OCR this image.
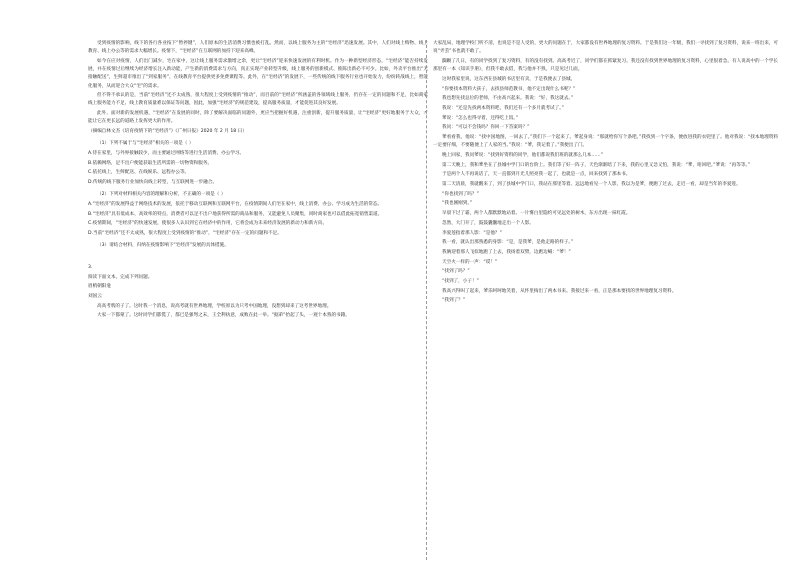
受到疫情的影响，线下的各行各业按下“暂停键”，人们原本的生活消费习惯也被打乱。然而，以线上服务为主的“宅经济”迅速发展。其中，人们对线上购物、线上教育、线上办公等的需求大幅增长。疫情下，“宅经济”在互联网的加持下迎来高峰。

如今在应对疫情，人们出门减少，宅在家中，这让线上服务需求激增之余，更让“宅经济”迎来快速发展的有利时机。作为一种新型经济形态，“宅经济”能否持续发展，并在疫情过后继续为经济增长注入新动能，产生新的消费需求与方向，真正实现产业转型升级，线上服务的创新模式、推陈出新必不可少。比如，外卖平台推出“无接触配送”，生鲜超市推出了“到家服务”，在线教育平台提供更多免费课程等。此外，在“宅经济”的发展下，一些传统的线下服务行业也开始发力，纷纷转战线上，智能化服务，从而迎合大众“宅”的需求。

但不得不承认的是，当前“宅经济”还不太成熟，很大程度上受到疫情的“推动”，而目前的“宅经济”所涵盖的各领域线上服务，仍存在一定的问题和不足，比如商家线上服务能力不足、线上教育质量难以保证等问题，因此，加强“宅经济”的规范建设，提高服务质量，才能促进其良好发展。

此外，面对新的发展机遇，“宅经济”在发展的同时，除了要解决面临的问题外，更应当把握好机遇，注重创新，提升服务质量，让“宅经济”更好地服务于大众，才能让它在更长远的道路上发挥更大的作用。

（摘编自林文杰《培育疫情下的“宅经济”》《广州日报》2020 年 2 月 18 日）

（1）下列不属于与“宅经济”相关的一项是（ ）

A.待在家里，与外界接触较少，而主要通过网络等进行生活消费、办公学习。

B.依赖网络，足不出户便能获取生活所需的一切物资和服务。

C.依托线上，生鲜配送、在线娱乐、远程办公等。

D.传统的线下服务行业加快向线上转型，与互联网进一步融合。

（2）下列对材料相关内容的理解和分析，不正确的一项是（ ）

A.“宅经济”的发展得益于网络技术的发展，依托于移动互联网和互联网平台，在疫情期间人们宅在家中，线上消费、办公、学习成为生活的常态。

B.“宅经济”具有低成本、高效率的特点，消费者可以足不出户地获得所需的商品和服务，又能避免人员聚集，同时商家也可以借此拓宽销售渠道。

C.疫情期间，“宅经济”的快速发展，使很多人认识到它在经济中的作用，它将会成为未来经济发展的新动力和新方向。

D.当前“宅经济”还不太成熟，很大程度上受到疫情的“推动”，“宅经济”存在一定的问题和不足。

（3）请结合材料，归纳在疫情影响下“宅经济”发展的具体措施。

3.

阅读下面文本，完成下列问题。

眉梢朝阳龛

刘国云

高高考鸦的子了。这时我一个消息，说高考就有世界地理，学校原以为只考中国地理，没想到却来了这考世界地理。

大家一下都蒙了。这时同学们都慌了，都已是强弩之末，王全利执意，成败在此一举。“据弟”抬起了头，一观十本熟的书籍。

大家乱局，地理学校门听不清，也说是不是人受的，更大的问题在于，大家都没有世界地理的复习资料。于是我们这一年级，我们一寻找到了复习资料，说来一班出来，可说“弄丢”书也就不敢了。

踟蹰了几日，有的同学找到了复习资料，有的没有找到。高高考近了，同学们都在抓紧复习。我还没有找到世界地理的复习资料，心里很着急。有人说高中的一个学长那里有一本《知识手册》，但我不敢去借，我与他并不熟，只是见过几面。

这时我家里说，这东西在县城的书店里有卖，于是我便去了县城。

“你要找本资料大孩子，去找县师范教书，他不定出现什么书呢？”

我也想先找总位的老师，不由高兴起来。我说：“好，我这就去。”

我说：“还是先找两本资料吧，我们还有一个多月就考试了。”

爹说：“怎么也得寻着，还得吃上饭。”

我问：“可以不会钱吗？你回一下答案吗？”

爹看看我，他说：“找中国地图，一回去了。”我们下一个起来了。爹起身说：“那就给你写个条吧。”我找到一个字条，便放进我的衣兜里了。他对我说：“找本地理资料一定要仔细，不要随便上了人家的当。”我说：“爹，我记着了。”我便出了门。

晚上回家，我问爹说：“找到好资料的同学，他们都说我们班的就那么几本……”

第二天晚上，我和爹坐在了县城中学门口的台阶上。我们等了好一阵子，天色渐渐暗了下来，我的心里又急又怕，我说：“爹，咱回吧。”爹说：“再等等。”

于是两个人不再说话了，天一直都到月光儿照亮我一起了，也就是一点，回来找到了那本书。

第二天清晨，我就醒来了，到了县城中学门口，我站在那里等着。远远地看见一个人影，我以为是爹，便跑了过去，走近一看，却是当年的李爱莲。

“你也找到了吗？”

“我也刚刚到。”

早晨下过了霜，两个人都默默地站着。一片雾白里隐约可见远处的树木，东方出现一抹红霞。

忽然，大门开了，鼓鼓囊囊地走出一个人影。

李爱莲指着那人影：“是他？”

我一看，就认出那熟悉的身影：“是，是我爹，是他走路的样子。”

我俩迎着那人飞似地跑了上去，我扬着双臂，边跑边喊：“爹！”

天空火一样的一声：“哎！”

“找到了吗？”

“找到了，小子！”

我高兴得叫了起来，爹乐呵呵地笑着，从怀里掏出了两本书来。我接过来一看，正是那本要找的世界地理复习资料。

“我到了？”
